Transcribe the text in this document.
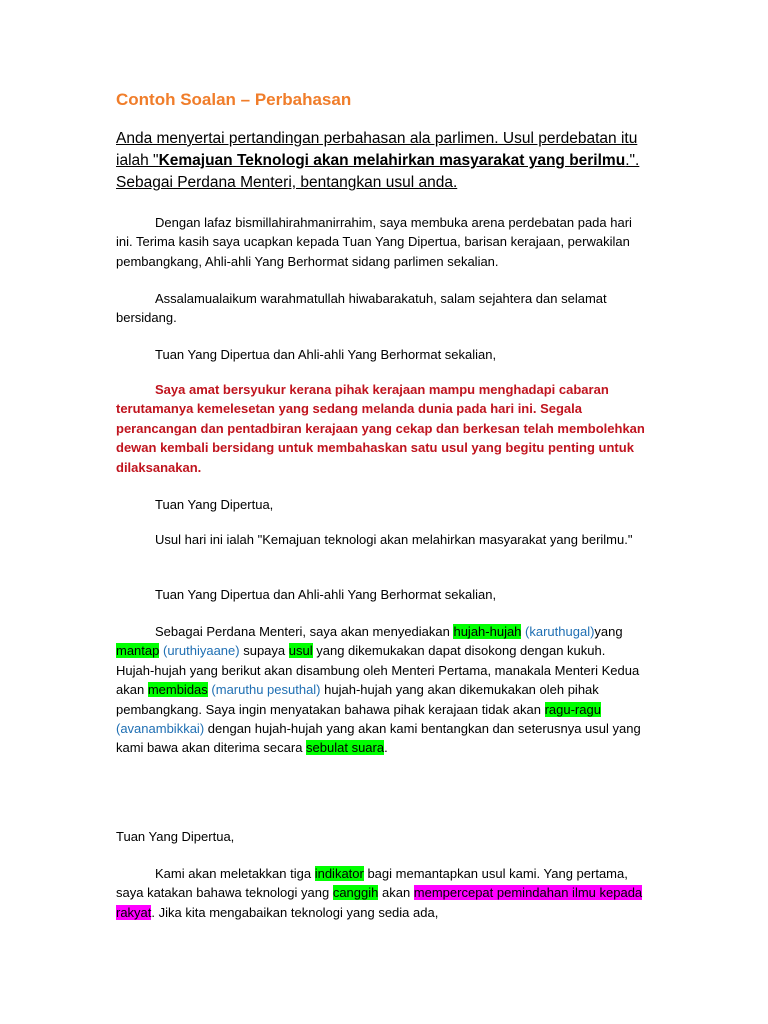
Contoh Soalan – Perbahasan

Anda menyertai pertandingan perbahasan ala parlimen. Usul perdebatan itu ialah "Kemajuan Teknologi akan melahirkan masyarakat yang berilmu.". Sebagai Perdana Menteri, bentangkan usul anda.

Dengan lafaz bismillahirahmanirrahim, saya membuka arena perdebatan pada hari ini. Terima kasih saya ucapkan kepada Tuan Yang Dipertua, barisan kerajaan, perwakilan pembangkang, Ahli-ahli Yang Berhormat sidang parlimen sekalian.

Assalamualaikum warahmatullah hiwabarakatuh, salam sejahtera dan selamat bersidang.

Tuan Yang Dipertua dan Ahli-ahli Yang Berhormat sekalian,

Saya amat bersyukur kerana pihak kerajaan mampu menghadapi cabaran terutamanya kemelesetan yang sedang melanda dunia pada hari ini. Segala perancangan dan pentadbiran kerajaan yang cekap dan berkesan telah membolehkan dewan kembali bersidang untuk membahaskan satu usul yang begitu penting untuk dilaksanakan.

Tuan Yang Dipertua,

Usul hari ini ialah "Kemajuan teknologi akan melahirkan masyarakat yang berilmu."

Tuan Yang Dipertua dan Ahli-ahli Yang Berhormat sekalian,

Sebagai Perdana Menteri, saya akan menyediakan hujah-hujah (karuthugal)yang mantap (uruthiyaane) supaya usul yang dikemukakan dapat disokong dengan kukuh. Hujah-hujah yang berikut akan disambung oleh Menteri Pertama, manakala Menteri Kedua akan membidas (maruthu pesuthal) hujah-hujah yang akan dikemukakan oleh pihak pembangkang. Saya ingin menyatakan bahawa pihak kerajaan tidak akan ragu-ragu (avanambikkai) dengan hujah-hujah yang akan kami bentangkan dan seterusnya usul yang kami bawa akan diterima secara sebulat suara.

Tuan Yang Dipertua,

Kami akan meletakkan tiga indikator bagi memantapkan usul kami. Yang pertama, saya katakan bahawa teknologi yang canggih akan mempercepat pemindahan ilmu kepada rakyat. Jika kita mengabaikan teknologi yang sedia ada,
